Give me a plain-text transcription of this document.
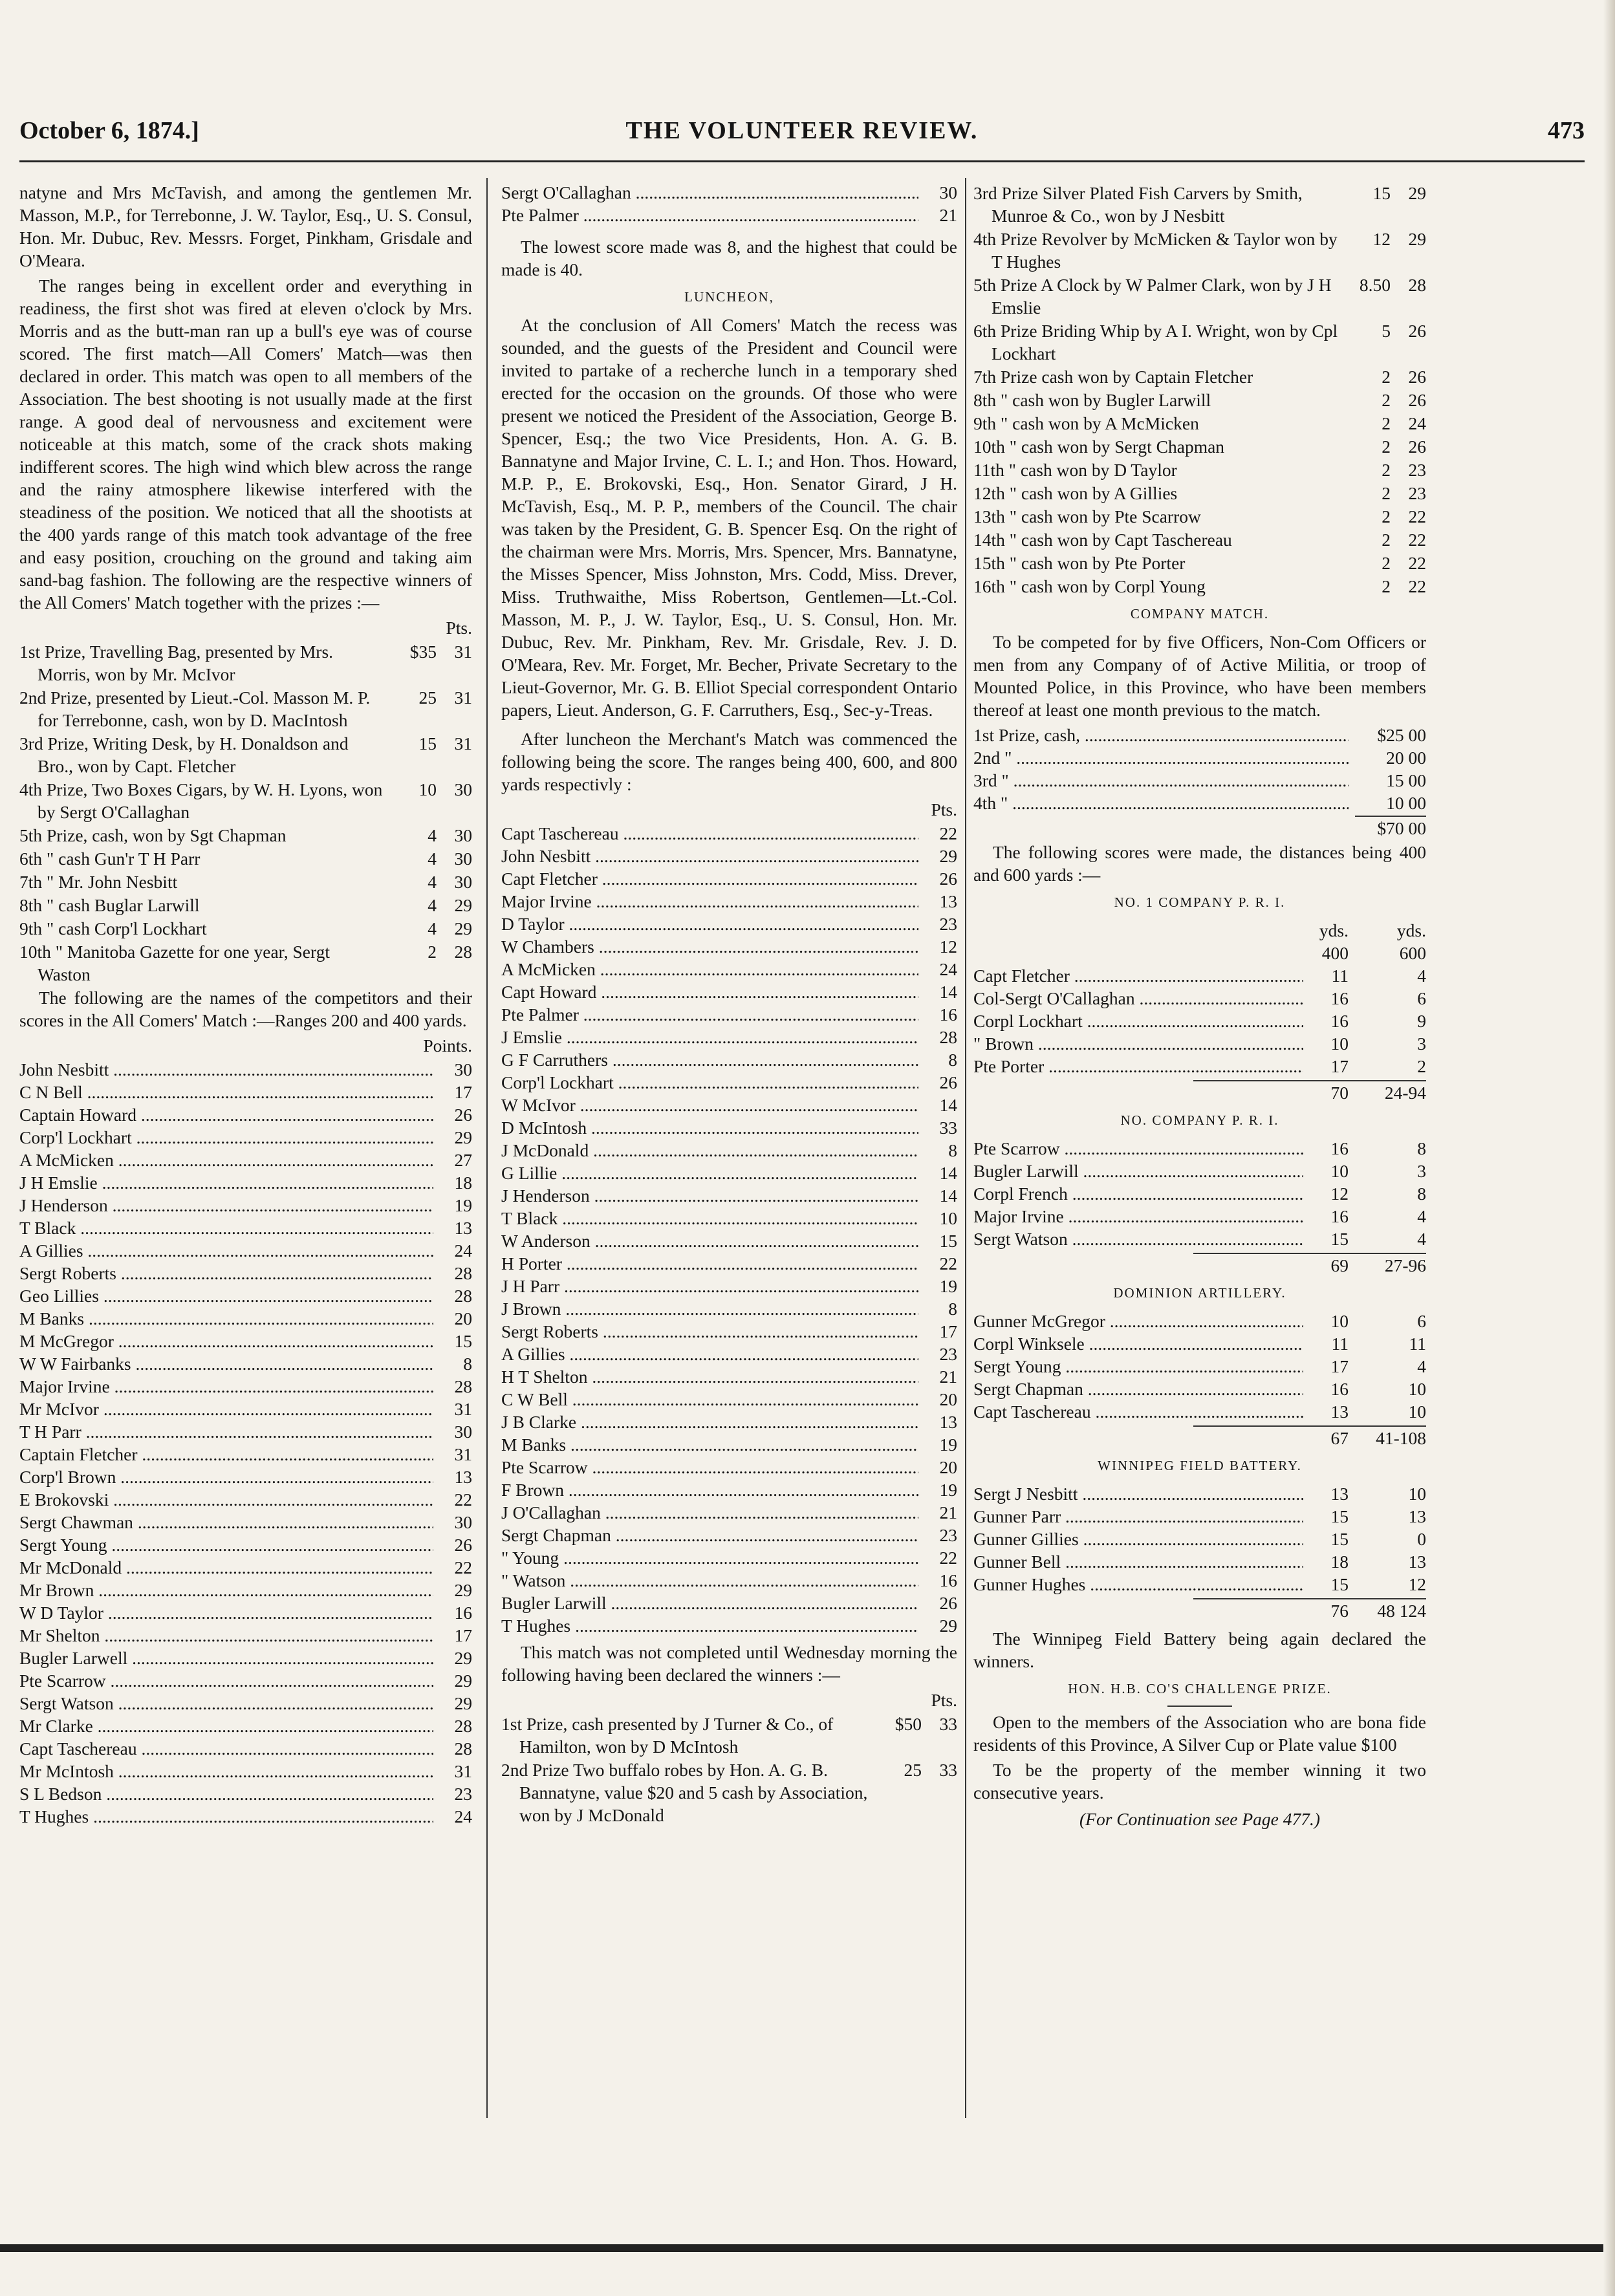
October 6, 1874.]	THE VOLUNTEER REVIEW.	473

natyne and Mrs McTavish, and among the gentlemen Mr. Masson, M.P., for Terrebonne, J. W. Taylor, Esq., U. S. Consul, Hon. Mr. Dubuc, Rev. Messrs. Forget, Pinkham, Grisdale and O'Meara.

The ranges being in excellent order and everything in readiness, the first shot was fired at eleven o'clock by Mrs. Morris and as the butt-man ran up a bull's eye was of course scored. The first match—All Comers' Match—was then declared in order. This match was open to all members of the Association. The best shooting is not usually made at the first range. A good deal of nervousness and excitement were noticeable at this match, some of the crack shots making indifferent scores. The high wind which blew across the range and the rainy atmosphere likewise interfered with the steadiness of the position. We noticed that all the shootists at the 400 yards range of this match took advantage of the free and easy position, crouching on the ground and taking aim sand-bag fashion. The following are the respective winners of the All Comers' Match together with the prizes :—

Pts.
1st Prize, Travelling Bag, presented by Mrs. Morris, won by Mr. McIvor
$35	31
2nd Prize, presented by Lieut.-Col. Masson M. P. for Terrebonne, cash, won by D. MacIntosh
25	31
3rd Prize, Writing Desk, by H. Donaldson and Bro., won by Capt. Fletcher
15	31
4th Prize, Two Boxes Cigars, by W. H. Lyons, won by Sergt O'Callaghan
10	30
5th Prize, cash, won by Sgt Chapman	4	30
6th " cash Gun'r T H Parr	4	30
7th " Mr. John Nesbitt	4	30
8th " cash Buglar Larwill	4	29
9th " cash Corp'l Lockhart	4	29
10th " Manitoba Gazette for one year, Sergt Waston
2	28

The following are the names of the competitors and their scores in the All Comers' Match :—Ranges 200 and 400 yards.

Points.
John Nesbitt .....	30
C N Bell .....	17
Captain Howard .....	26
Corp'l Lockhart .....	29
A McMicken .....	27
J H Emslie .....	18
J Henderson .....	19
T Black .....	13
A Gillies .....	24
Sergt Roberts .....	28
Geo Lillies .....	28
M Banks .....	20
M McGregor .....	15
W W Fairbanks .....	8
Major Irvine .....	28
Mr McIvor .....	31
T H Parr .....	30
Captain Fletcher .....	31
Corp'l Brown .....	13
E Brokovski .....	22
Sergt Chawman .....	30
Sergt Young .....	26
Mr McDonald .....	22
Mr Brown .....	29
W D Taylor .....	16
Mr Shelton .....	17
Bugler Larwell .....	29
Pte Scarrow .....	29
Sergt Watson .....	29
Mr Clarke .....	28
Capt Taschereau .....	28
Mr McIntosh .....	31
S L Bedson .....	23
T Hughes .....	24
Sergt O'Callaghan .....	30
Pte Palmer .....	21

The lowest score made was 8, and the highest that could be made is 40.

LUNCHEON,

At the conclusion of All Comers' Match the recess was sounded, and the guests of the President and Council were invited to partake of a recherche lunch in a temporary shed erected for the occasion on the grounds. Of those who were present we noticed the President of the Association, George B. Spencer, Esq.; the two Vice Presidents, Hon. A. G. B. Bannatyne and Major Irvine, C. L. I.; and Hon. Thos. Howard, M.P. P., E. Brokovski, Esq., Hon. Senator Girard, J H. McTavish, Esq., M. P. P., members of the Council. The chair was taken by the President, G. B. Spencer Esq. On the right of the chairman were Mrs. Morris, Mrs. Spencer, Mrs. Bannatyne, the Misses Spencer, Miss Johnston, Mrs. Codd, Miss. Drever, Miss. Truthwaithe, Miss Robertson, Gentlemen—Lt.-Col. Masson, M. P., J. W. Taylor, Esq., U. S. Consul, Hon. Mr. Dubuc, Rev. Mr. Pinkham, Rev. Mr. Grisdale, Rev. J. D. O'Meara, Rev. Mr. Forget, Mr. Becher, Private Secretary to the Lieut-Governor, Mr. G. B. Elliot Special correspondent Ontario papers, Lieut. Anderson, G. F. Carruthers, Esq., Sec-y-Treas.

After luncheon the Merchant's Match was commenced the following being the score. The ranges being 400, 600, and 800 yards respectivly :

Pts.
Capt Taschereau .....	22
John Nesbitt .....	29
Capt Fletcher .....	26
Major Irvine .....	13
D Taylor .....	23
W Chambers .....	12
A McMicken .....	24
Capt Howard .....	14
Pte Palmer .....	16
J Emslie .....	28
G F Carruthers .....	8
Corp'l Lockhart .....	26
W McIvor .....	14
D McIntosh .....	33
J McDonald .....	8
G Lillie .....	14
J Henderson .....	14
T Black .....	10
W Anderson .....	15
H Porter .....	22
J H Parr .....	19
J Brown .....	8
Sergt Roberts .....	17
A Gillies .....	23
H T Shelton .....	21
C W Bell .....	20
J B Clarke .....	13
M Banks .....	19
Pte Scarrow .....	20
F Brown .....	19
J O'Callaghan .....	21
Sergt Chapman .....	23
" Young .....	22
" Watson .....	16
Bugler Larwill .....	26
T Hughes .....	29

This match was not completed until Wednesday morning the following having been declared the winners :—

Pts.
1st Prize, cash presented by J Turner & Co., of Hamilton, won by D McIntosh
$50	33
2nd Prize Two buffalo robes by Hon. A. G. B. Bannatyne, value $20 and 5 cash by Association, won by J McDonald
25	33
3rd Prize Silver Plated Fish Carvers by Smith, Munroe & Co., won by J Nesbitt
15	29
4th Prize Revolver by McMicken & Taylor won by T Hughes
12	29
5th Prize A Clock by W Palmer Clark, won by J H Emslie
8.50	28
6th Prize Briding Whip by A I. Wright, won by Cpl Lockhart
5	26
7th Prize cash won by Captain Fletcher	2	26
8th " cash won by Bugler Larwill	2	26
9th " cash won by A McMicken	2	24
10th " cash won by Sergt Chapman	2	26
11th " cash won by D Taylor	2	23
12th " cash won by A Gillies	2	23
13th " cash won by Pte Scarrow	2	22
14th " cash won by Capt Taschereau	2	22
15th " cash won by Pte Porter	2	22
16th " cash won by Corpl Young	2	22
COMPANY MATCH.

To be competed for by five Officers, Non-Com Officers or men from any Company of of Active Militia, or troop of Mounted Police, in this Province, who have been members thereof at least one month previous to the match.

1st Prize, cash, .....	$25 00
2nd " .....	20 00
3rd " .....	15 00
4th " .....	10 00
$70 00

The following scores were made, the distances being 400 and 600 yards :—

NO. 1 COMPANY P. R. I.
yds.	yds.
400	600
Capt Fletcher .....	11	4
Col-Sergt O'Callaghan .....	16	6
Corpl Lockhart .....	16	9
" Brown .....	10	3
Pte Porter .....	17	2
70	24-94
NO. COMPANY P. R. I.
Pte Scarrow .....	16	8
Bugler Larwill .....	10	3
Corpl French .....	12	8
Major Irvine .....	16	4
Sergt Watson .....	15	4
69	27-96
DOMINION ARTILLERY.
Gunner McGregor .....	10	6
Corpl Winksele .....	11	11
Sergt Young .....	17	4
Sergt Chapman .....	16	10
Capt Taschereau .....	13	10
67	41-108
WINNIPEG FIELD BATTERY.
Sergt J Nesbitt .....	13	10
Gunner Parr .....	15	13
Gunner Gillies .....	15	0
Gunner Bell .....	18	13
Gunner Hughes .....	15	12
76	48 124

The Winnipeg Field Battery being again declared the winners.

HON. H.B. CO'S CHALLENGE PRIZE.

Open to the members of the Association who are bona fide residents of this Province, A Silver Cup or Plate value $100

To be the property of the member winning it two consecutive years.

(For Continuation see Page 477.)
